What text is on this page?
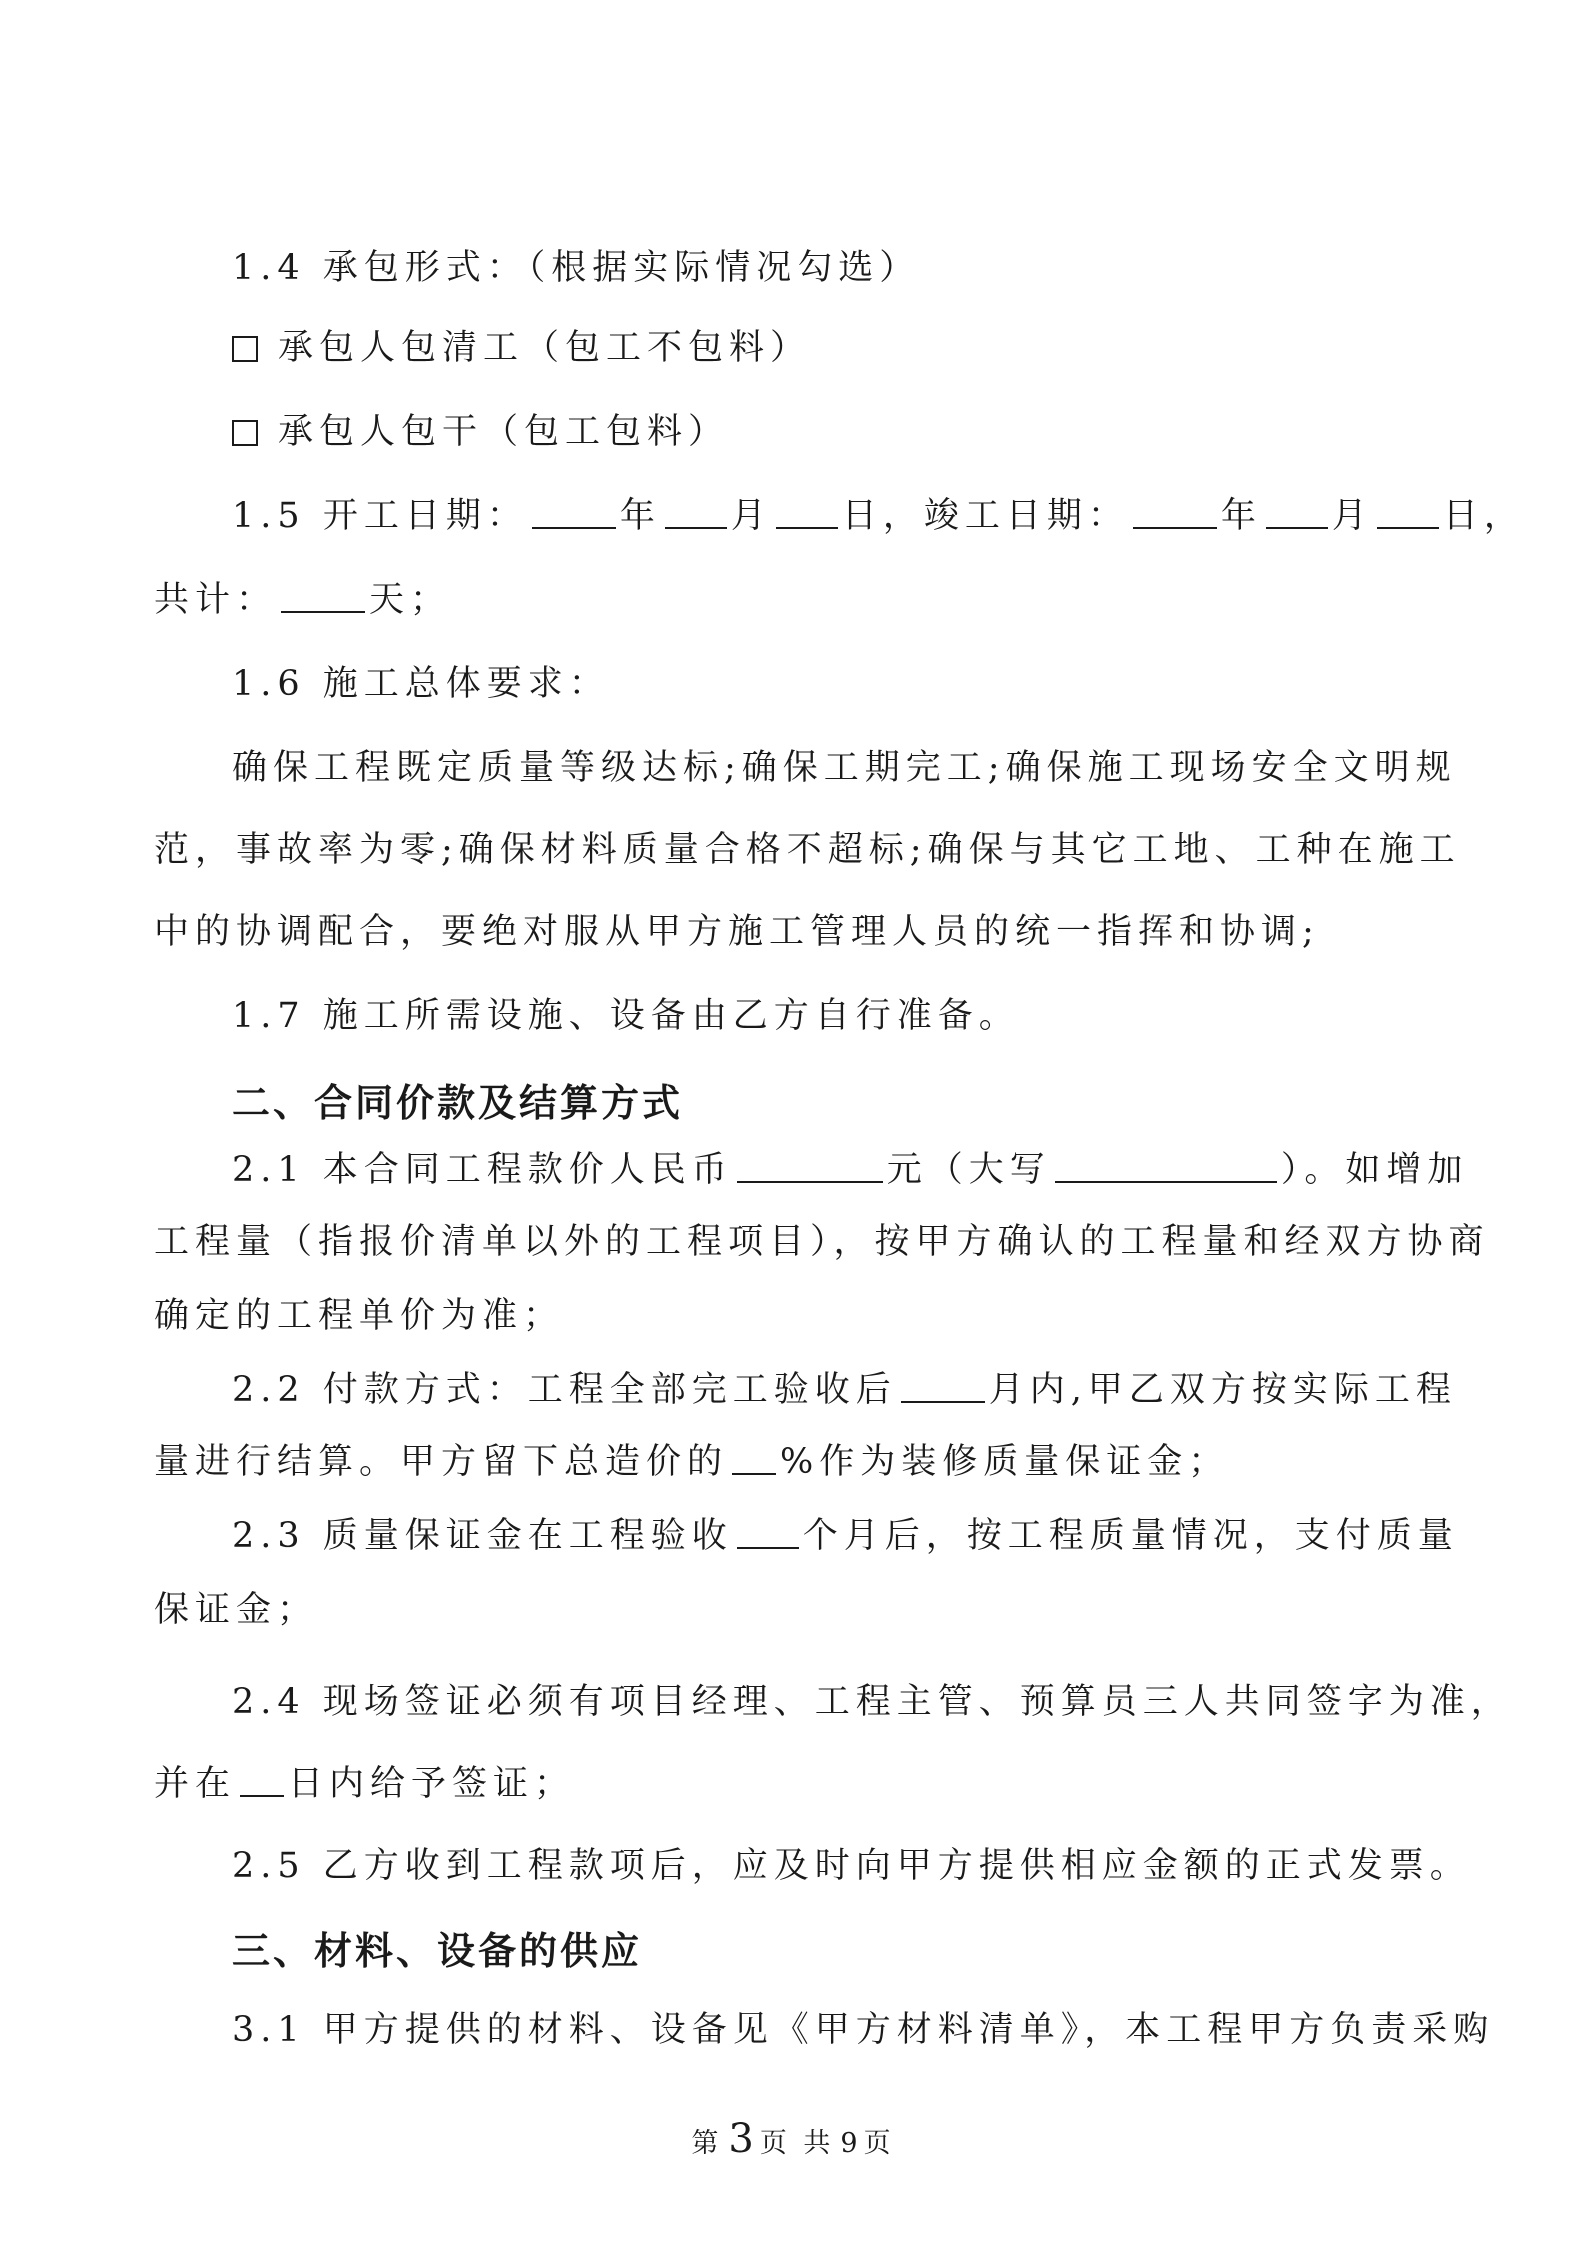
1.4 承包形式：（根据实际情况勾选）
承包人包清工（包工不包料）
承包人包干（包工包料）
1.5 开工日期：	年 月 日，竣工日期：	年 月 日，
共计：	天；
1.6 施工总体要求：
确保工程既定质量等级达标;确保工期完工;确保施工现场安全文明规
范，事故率为零;确保材料质量合格不超标;确保与其它工地、工种在施工
中的协调配合，要绝对服从甲方施工管理人员的统一指挥和协调;
1.7 施工所需设施、设备由乙方自行准备。
二、合同价款及结算方式
2.1 本合同工程款价人民币	元（大写	）。如增加
工程量（指报价清单以外的工程项目），按甲方确认的工程量和经双方协商
确定的工程单价为准；
2.2 付款方式：工程全部完工验收后	月内,甲乙双方按实际工程
量进行结算。甲方留下总造价的 %作为装修质量保证金；
2.3 质量保证金在工程验收 个月后，按工程质量情况，支付质量
保证金；
2.4 现场签证必须有项目经理、工程主管、预算员三人共同签字为准，
并在 日内给予签证；
2.5 乙方收到工程款项后，应及时向甲方提供相应金额的正式发票。
三、材料、设备的供应
3.1 甲方提供的材料、设备见《甲方材料清单》，本工程甲方负责采购
第 3 页 共 9 页
